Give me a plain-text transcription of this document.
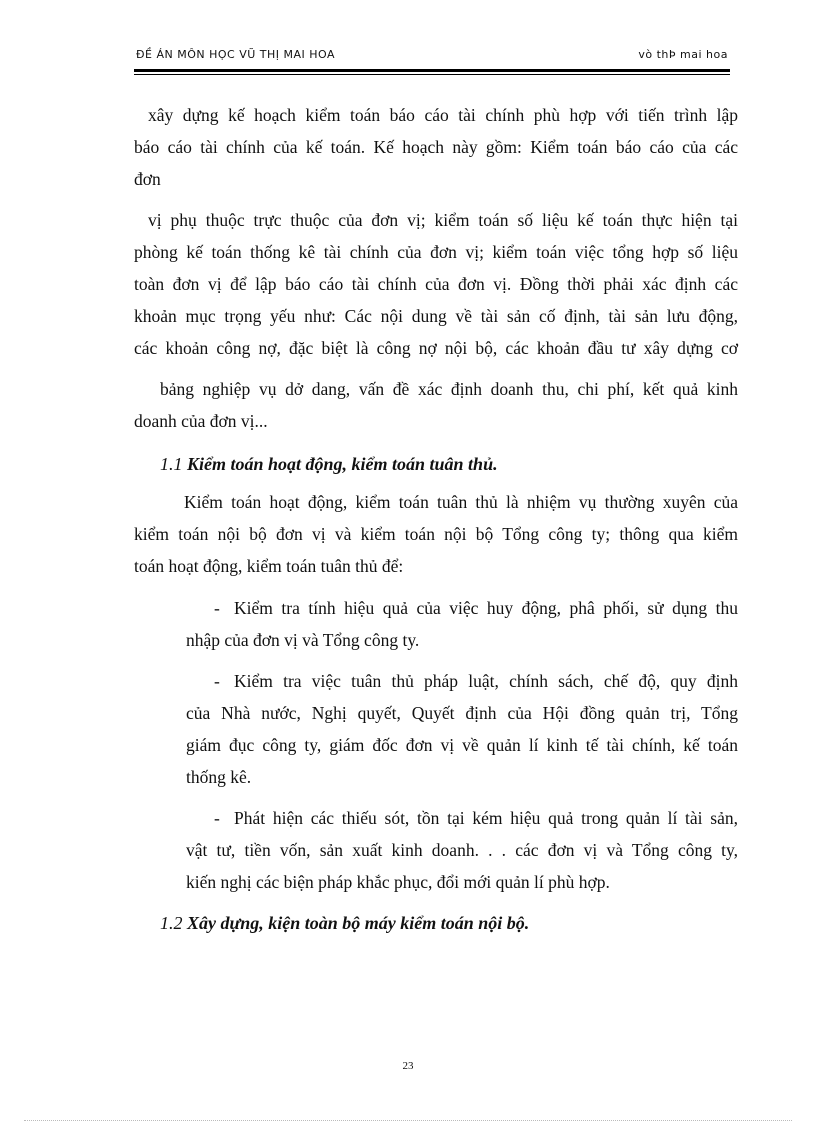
ĐỀ ÁN MÔN HỌC VŨ THỊ MAI HOA	vò thÞ mai hoa
xây dựng kế hoạch kiểm toán báo cáo tài chính phù hợp với tiến trình lập
báo cáo tài chính của kế toán. Kế hoạch này gồm: Kiểm toán báo cáo của các
đơn
vị phụ thuộc trực thuộc của đơn vị; kiểm toán số liệu kế toán thực hiện tại
phòng kế toán thống kê tài chính của đơn vị; kiểm toán việc tổng hợp số liệu
toàn đơn vị để lập báo cáo tài chính của đơn vị. Đồng thời phải xác định các
khoản mục trọng yếu như: Các nội dung về tài sản cố định, tài sản lưu động,
các khoản công nợ, đặc biệt là công nợ nội bộ, các khoản đầu tư xây dựng cơ
bảng nghiệp vụ dở dang, vấn đề xác định doanh thu, chi phí, kết quả kinh
doanh của đơn vị...
1.1 Kiểm toán hoạt động, kiểm toán tuân thủ.
Kiểm toán hoạt động, kiểm toán tuân thủ là nhiệm vụ thường xuyên của
kiểm toán nội bộ đơn vị và kiểm toán nội bộ Tổng công ty; thông qua kiểm
toán hoạt động, kiểm toán tuân thủ để:
- Kiểm tra tính hiệu quả của việc huy động, phâ phối, sử dụng thu
nhập của đơn vị và Tổng công ty.
- Kiểm tra việc tuân thủ pháp luật, chính sách, chế độ, quy định
của Nhà nước, Nghị quyết, Quyết định của Hội đồng quản trị, Tổng
giám đục công ty, giám đốc đơn vị về quản lí kinh tế tài chính, kế toán
thống kê.
- Phát hiện các thiếu sót, tồn tại kém hiệu quả trong quản lí tài sản,
vật tư, tiền vốn, sản xuất kinh doanh. . . các đơn vị và Tổng công ty,
kiến nghị các biện pháp khắc phục, đổi mới quản lí phù hợp.
1.2 Xây dựng, kiện toàn bộ máy kiểm toán nội bộ.
23
